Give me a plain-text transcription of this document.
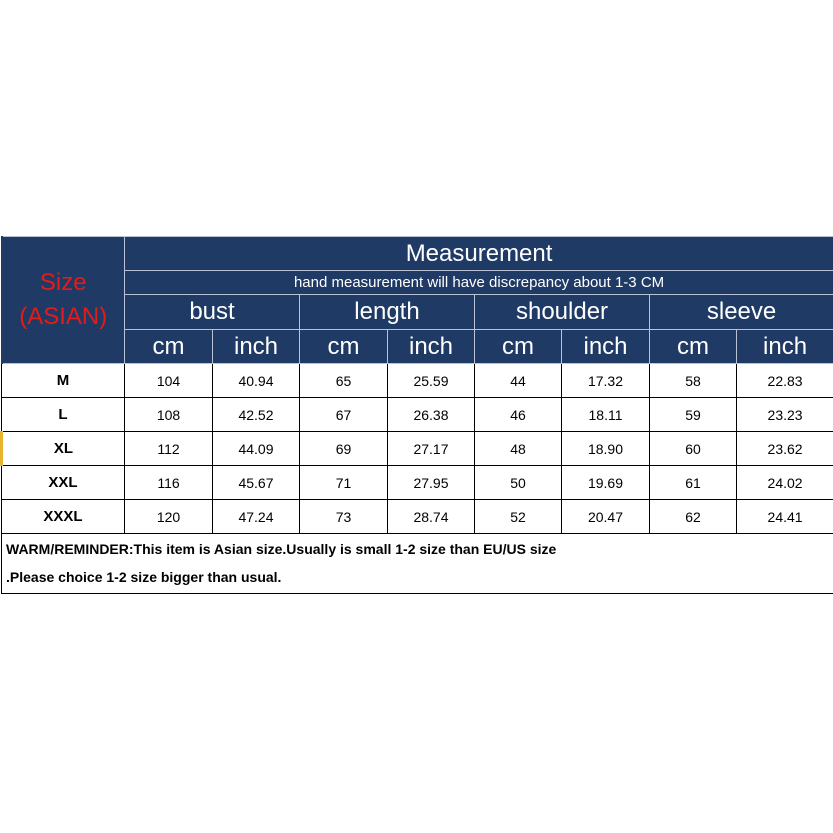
Size
(ASIAN)	Measurement							
	hand measurement will have discrepancy about 1-3 CM							
	bust		length		shoulder		sleeve	
	cm	inch	cm	inch	cm	inch	cm	inch
M	104	40.94	65	25.59	44	17.32	58	22.83
L	108	42.52	67	26.38	46	18.11	59	23.23
XL	112	44.09	69	27.17	48	18.90	60	23.62
XXL	116	45.67	71	27.95	50	19.69	61	24.02
XXXL	120	47.24	73	28.74	52	20.47	62	24.41
WARM/REMINDER:This item is Asian size.Usually is small 1-2 size than EU/US size
.Please choice 1-2 size bigger than usual.								
